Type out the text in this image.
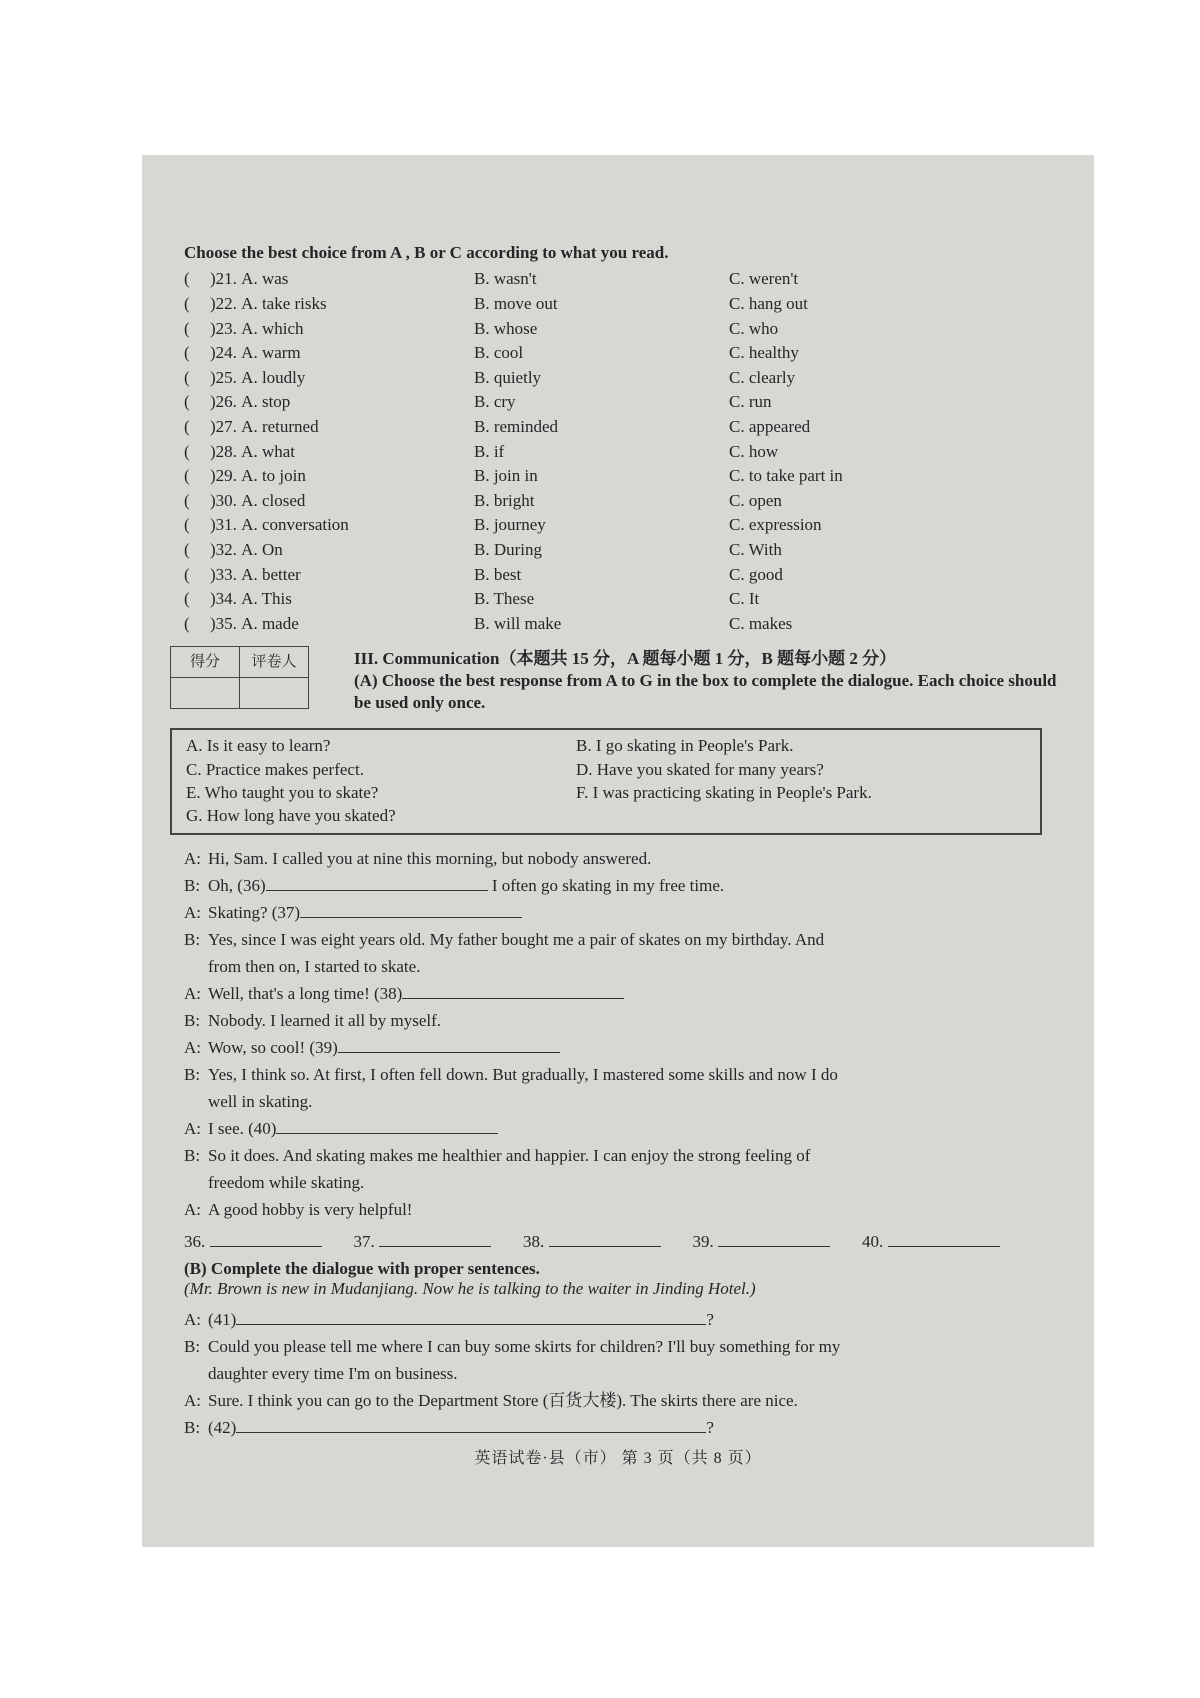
Choose the best choice from A , B or C according to what you read.
(	) 21 . A. was	B. wasn't	C. weren't
(	) 22 . A. take risks	B. move out	C. hang out
(	) 23 . A. which	B. whose	C. who
(	) 24 . A. warm	B. cool	C. healthy
(	) 25 . A. loudly	B. quietly	C. clearly
(	) 26 . A. stop	B. cry	C. run
(	) 27 . A. returned	B. reminded	C. appeared
(	) 28 . A. what	B. if	C. how
(	) 29 . A. to join	B. join in	C. to take part in
(	) 30 . A. closed	B. bright	C. open
(	) 31 . A. conversation	B. journey	C. expression
(	) 32 . A. On	B. During	C. With
(	) 33 . A. better	B. best	C. good
(	) 34 . A. This	B. These	C. It
(	) 35 . A. made	B. will make	C. makes
得分	评卷人
		III. Communication（本题共 15 分，A 题每小题 1 分，B 题每小题 2 分）
(A) Choose the best response from A to G in the box to complete the dialogue. Each choice should be used only once.
A. Is it easy to learn?	B. I go skating in People's Park.
C. Practice makes perfect.	D. Have you skated for many years?
E. Who taught you to skate?	F. I was practicing skating in People's Park.
G. How long have you skated?
A: Hi, Sam. I called you at nine this morning, but nobody answered.
B: Oh, (36)	I often go skating in my free time.
A: Skating? (37)
B: Yes, since I was eight years old. My father bought me a pair of skates on my birthday. And
from then on, I started to skate.
A: Well, that's a long time! (38)
B: Nobody. I learned it all by myself.
A: Wow, so cool! (39)
B: Yes, I think so. At first, I often fell down. But gradually, I mastered some skills and now I do
well in skating.
A: I see. (40)
B: So it does. And skating makes me healthier and happier. I can enjoy the strong feeling of
freedom while skating.
A: A good hobby is very helpful!
36.	37.	38.	39.	40.
(B) Complete the dialogue with proper sentences.
(Mr. Brown is new in Mudanjiang. Now he is talking to the waiter in Jinding Hotel.)
A: (41)	?
B: Could you please tell me where I can buy some skirts for children? I'll buy something for my
daughter every time I'm on business.
A: Sure. I think you can go to the Department Store (百货大楼). The skirts there are nice.
B: (42)	?
英语试卷·县（市） 第 3 页（共 8 页）
